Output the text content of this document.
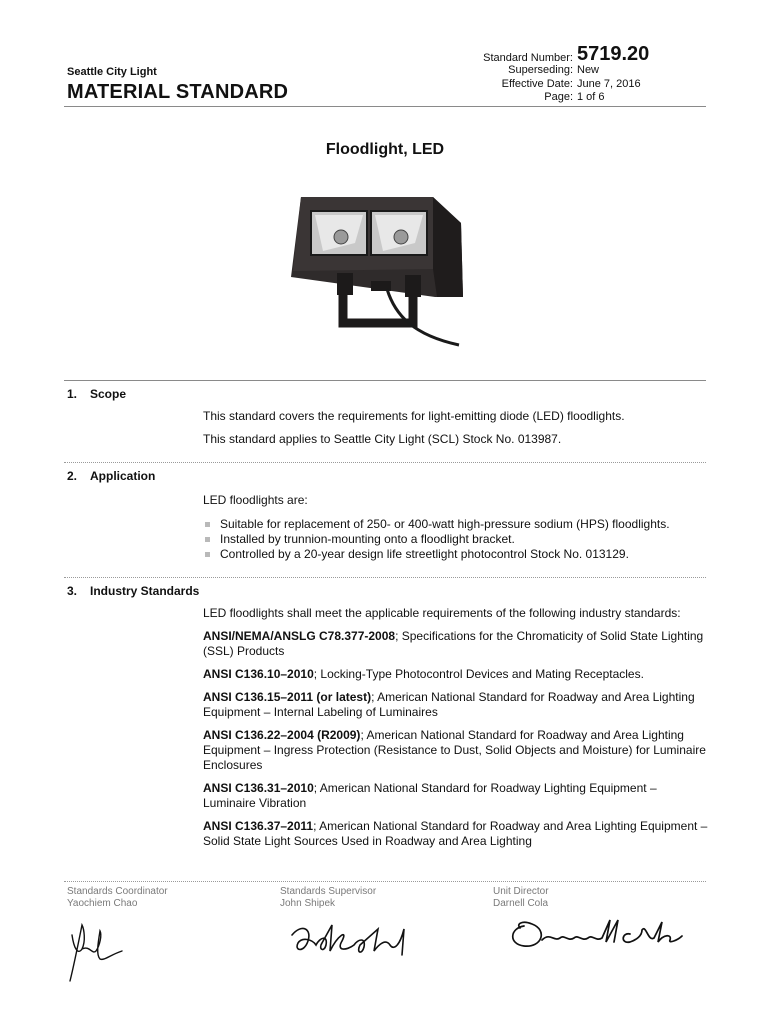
Seattle City Light
MATERIAL STANDARD
Standard Number: 5719.20
Superseding: New
Effective Date: June 7, 2016
Page: 1 of 6
Floodlight, LED
1. Scope

This standard covers the requirements for light-emitting diode (LED) floodlights.

This standard applies to Seattle City Light (SCL) Stock No. 013987.

2. Application

LED floodlights are:

Suitable for replacement of 250- or 400-watt high-pressure sodium (HPS) floodlights.
Installed by trunnion-mounting onto a floodlight bracket.
Controlled by a 20-year design life streetlight photocontrol Stock No. 013129.
3. Industry Standards

LED floodlights shall meet the applicable requirements of the following industry standards:

ANSI/NEMA/ANSLG C78.377-2008; Specifications for the Chromaticity of Solid State Lighting (SSL) Products

ANSI C136.10–2010; Locking-Type Photocontrol Devices and Mating Receptacles.

ANSI C136.15–2011 (or latest); American National Standard for Roadway and Area Lighting Equipment – Internal Labeling of Luminaires

ANSI C136.22–2004 (R2009); American National Standard for Roadway and Area Lighting Equipment – Ingress Protection (Resistance to Dust, Solid Objects and Moisture) for Luminaire Enclosures

ANSI C136.31–2010; American National Standard for Roadway Lighting Equipment – Luminaire Vibration

ANSI C136.37–2011; American National Standard for Roadway and Area Lighting Equipment – Solid State Light Sources Used in Roadway and Area Lighting

Standards Coordinator
Yaochiem Chao
Standards Supervisor
John Shipek
Unit Director
Darnell Cola
